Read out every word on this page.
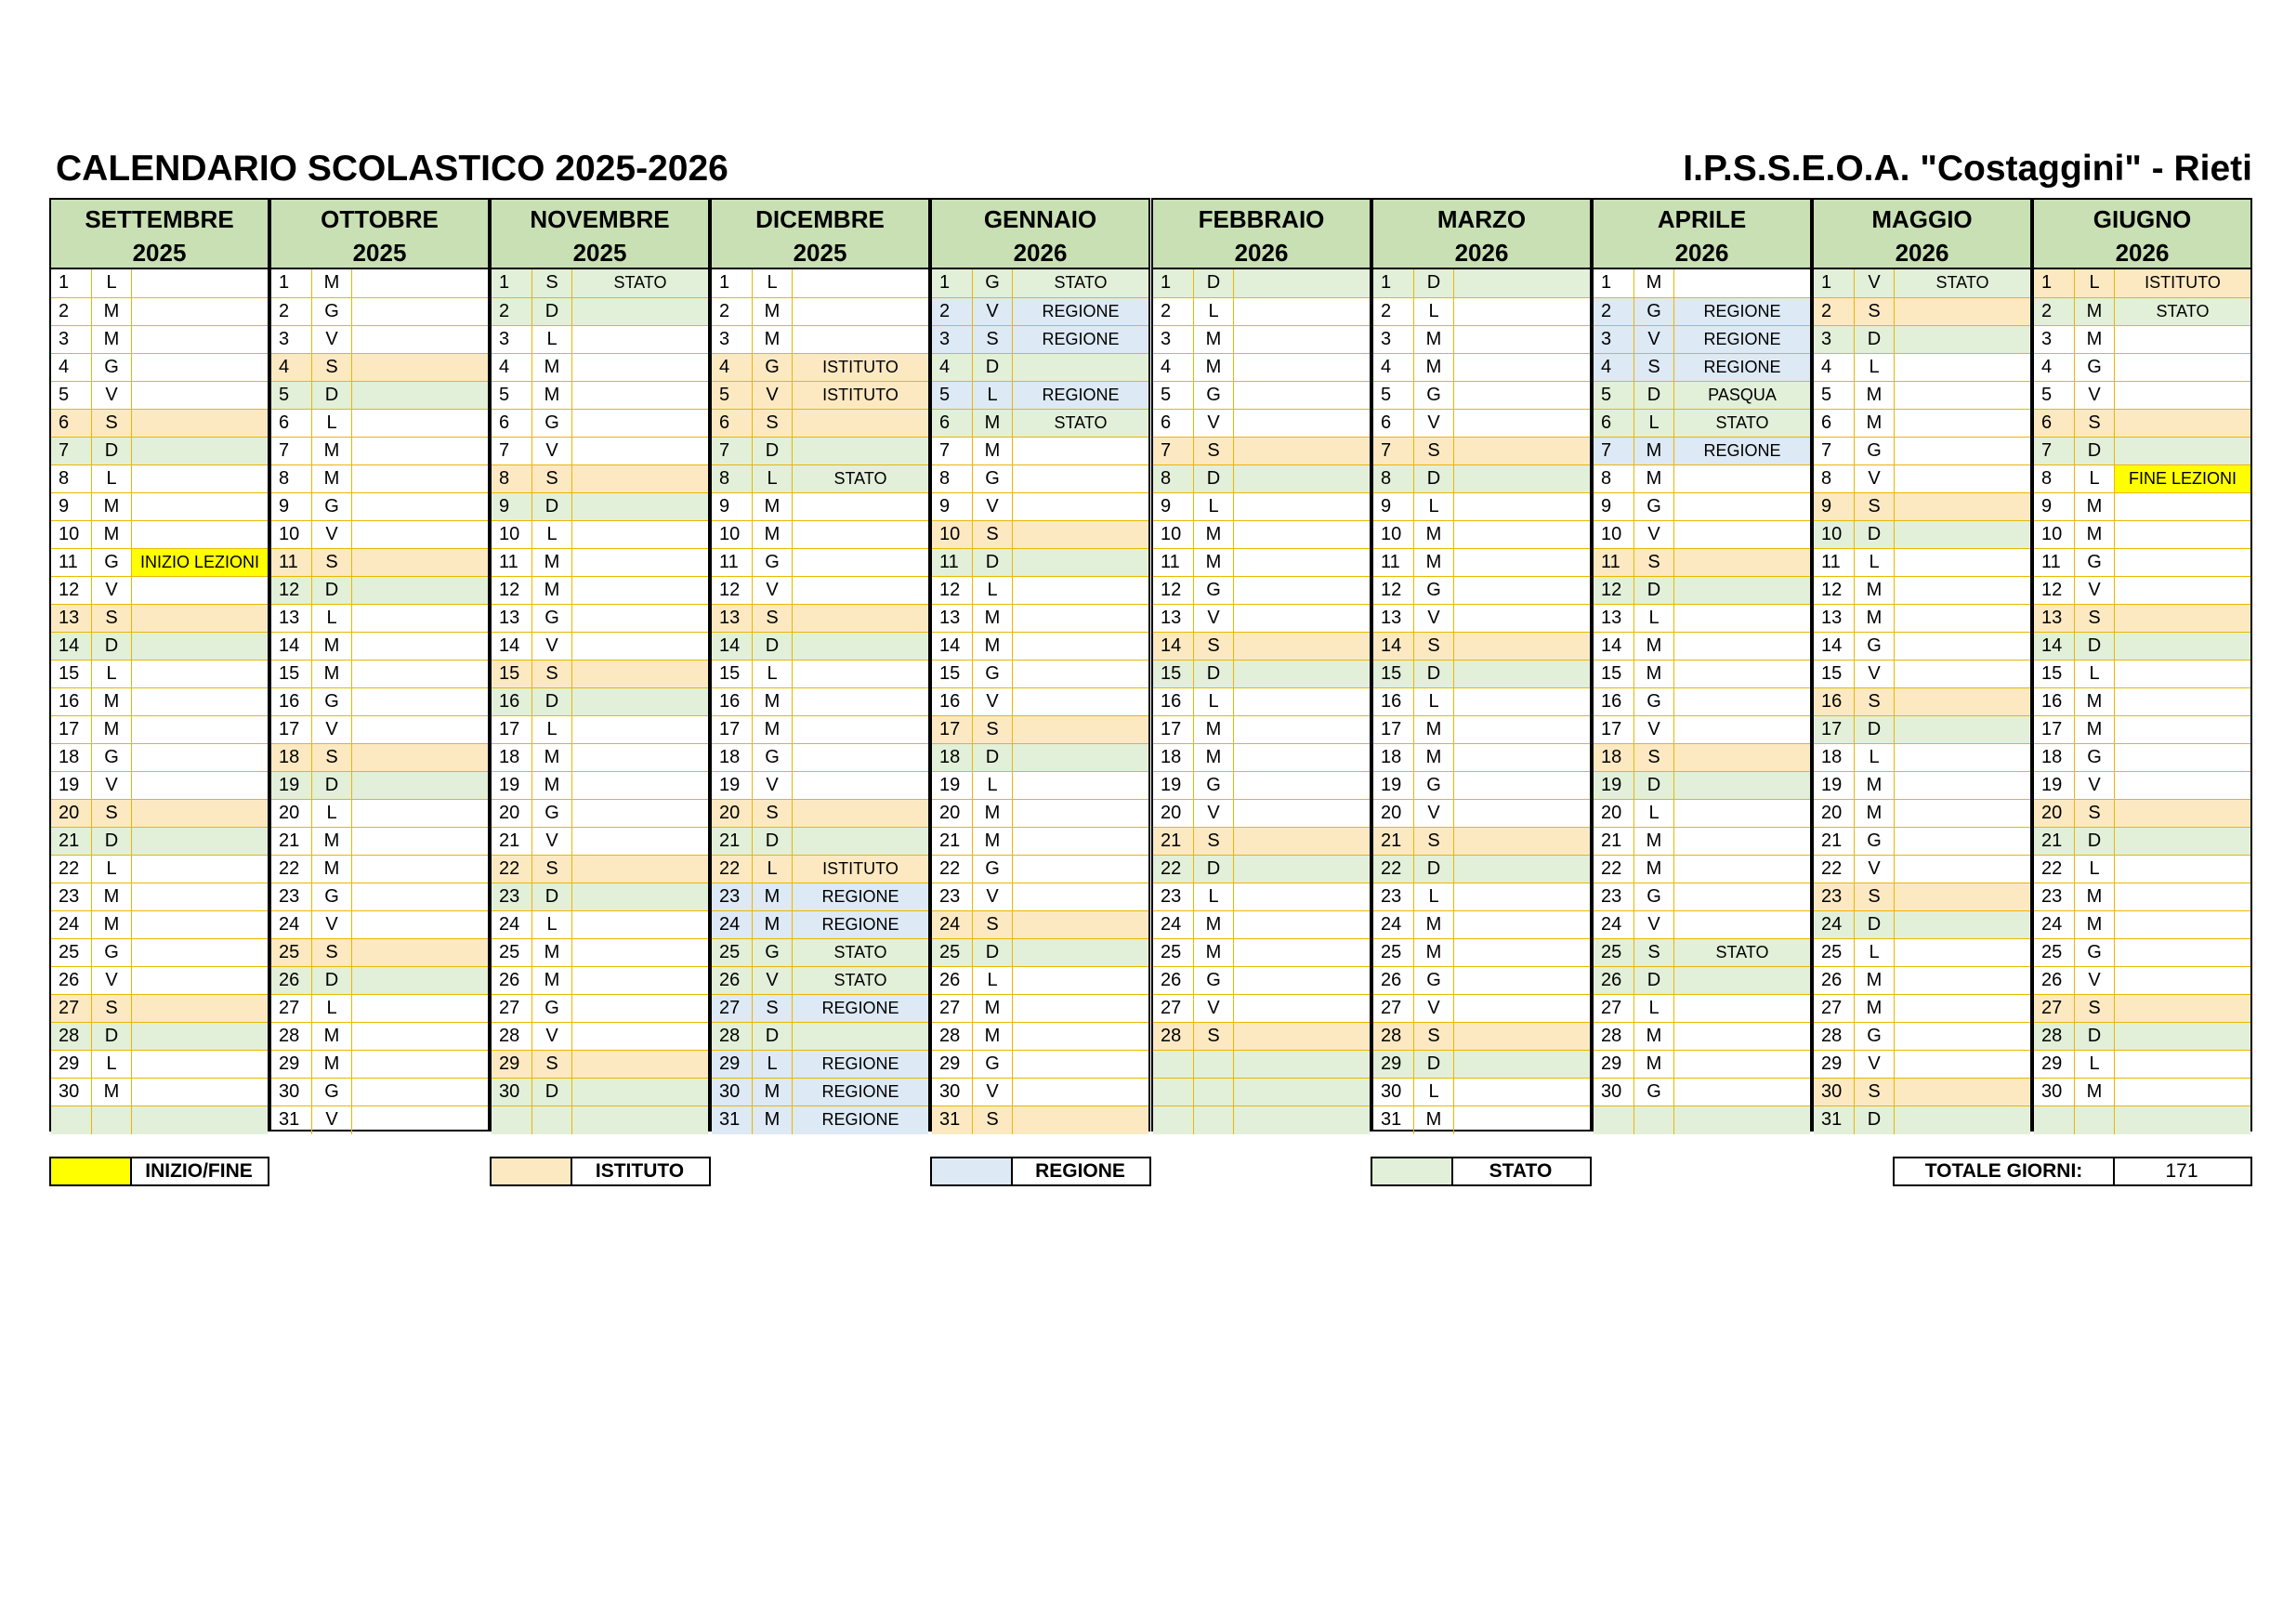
CALENDARIO SCOLASTICO 2025-2026	I.P.S.S.E.O.A. "Costaggini" - Rieti
SETTEMBRE
2025
1	L
2	M
3	M
4	G
5	V
6	S
7	D
8	L
9	M
10	M
11	G	INIZIO LEZIONI
12	V
13	S
14	D
15	L
16	M
17	M
18	G
19	V
20	S
21	D
22	L
23	M
24	M
25	G
26	V
27	S
28	D
29	L
30	M
OTTOBRE
2025
1	M
2	G
3	V
4	S
5	D
6	L
7	M
8	M
9	G
10	V
11	S
12	D
13	L
14	M
15	M
16	G
17	V
18	S
19	D
20	L
21	M
22	M
23	G
24	V
25	S
26	D
27	L
28	M
29	M
30	G
31	V
NOVEMBRE
2025
1	S	STATO
2	D
3	L
4	M
5	M
6	G
7	V
8	S
9	D
10	L
11	M
12	M
13	G
14	V
15	S
16	D
17	L
18	M
19	M
20	G
21	V
22	S
23	D
24	L
25	M
26	M
27	G
28	V
29	S
30	D
DICEMBRE
2025
1	L
2	M
3	M
4	G	ISTITUTO
5	V	ISTITUTO
6	S
7	D
8	L	STATO
9	M
10	M
11	G
12	V
13	S
14	D
15	L
16	M
17	M
18	G
19	V
20	S
21	D
22	L	ISTITUTO
23	M	REGIONE
24	M	REGIONE
25	G	STATO
26	V	STATO
27	S	REGIONE
28	D
29	L	REGIONE
30	M	REGIONE
31	M	REGIONE
GENNAIO
2026
1	G	STATO
2	V	REGIONE
3	S	REGIONE
4	D
5	L	REGIONE
6	M	STATO
7	M
8	G
9	V
10	S
11	D
12	L
13	M
14	M
15	G
16	V
17	S
18	D
19	L
20	M
21	M
22	G
23	V
24	S
25	D
26	L
27	M
28	M
29	G
30	V
31	S
FEBBRAIO
2026
1	D
2	L
3	M
4	M
5	G
6	V
7	S
8	D
9	L
10	M
11	M
12	G
13	V
14	S
15	D
16	L
17	M
18	M
19	G
20	V
21	S
22	D
23	L
24	M
25	M
26	G
27	V
28	S
MARZO
2026
1	D
2	L
3	M
4	M
5	G
6	V
7	S
8	D
9	L
10	M
11	M
12	G
13	V
14	S
15	D
16	L
17	M
18	M
19	G
20	V
21	S
22	D
23	L
24	M
25	M
26	G
27	V
28	S
29	D
30	L
31	M
APRILE
2026
1	M
2	G	REGIONE
3	V	REGIONE
4	S	REGIONE
5	D	PASQUA
6	L	STATO
7	M	REGIONE
8	M
9	G
10	V
11	S
12	D
13	L
14	M
15	M
16	G
17	V
18	S
19	D
20	L
21	M
22	M
23	G
24	V
25	S	STATO
26	D
27	L
28	M
29	M
30	G
MAGGIO
2026
1	V	STATO
2	S
3	D
4	L
5	M
6	M
7	G
8	V
9	S
10	D
11	L
12	M
13	M
14	G
15	V
16	S
17	D
18	L
19	M
20	M
21	G
22	V
23	S
24	D
25	L
26	M
27	M
28	G
29	V
30	S
31	D
GIUGNO
2026
1	L	ISTITUTO
2	M	STATO
3	M
4	G
5	V
6	S
7	D
8	L	FINE LEZIONI
9	M
10	M
11	G
12	V
13	S
14	D
15	L
16	M
17	M
18	G
19	V
20	S
21	D
22	L
23	M
24	M
25	G
26	V
27	S
28	D
29	L
30	M
INIZIO/FINE	ISTITUTO	REGIONE	STATO	TOTALE GIORNI:	171
